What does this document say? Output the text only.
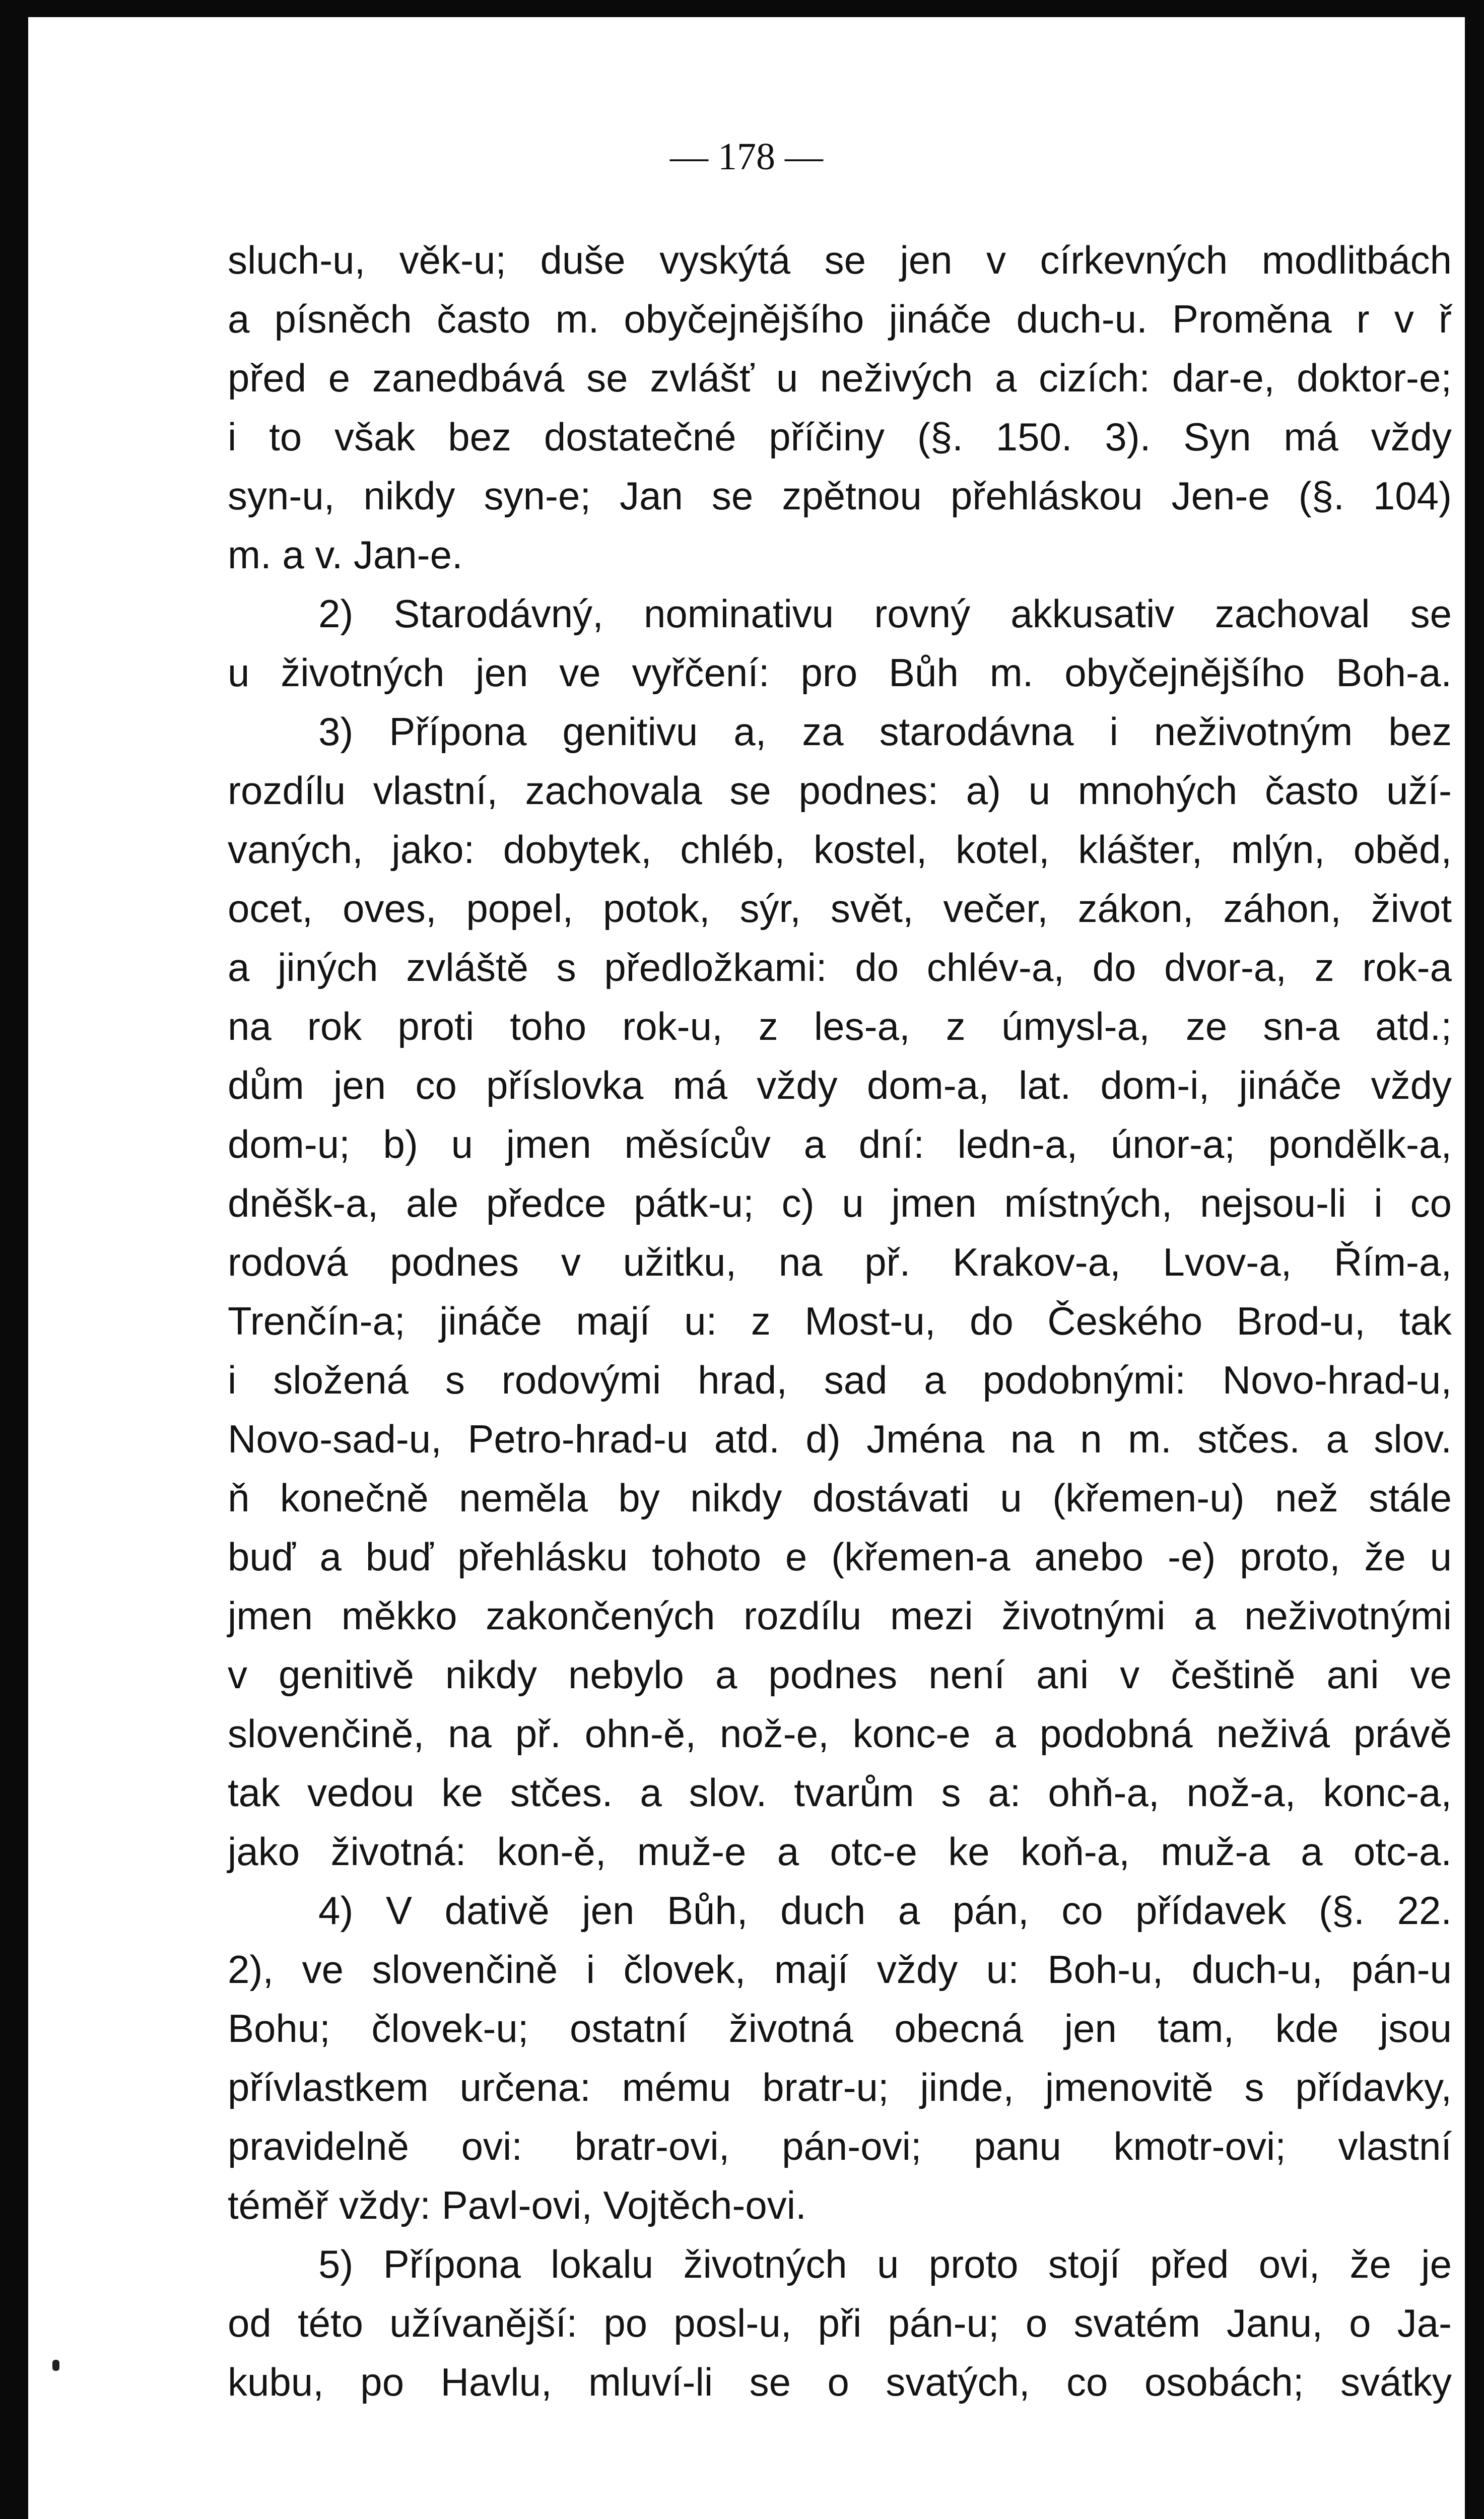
— 178 —
sluch-u, věk-u; duše vyskýtá se jen v církevných modlitbách
a písněch často m. obyčejnějšího jináče duch-u. Proměna r v ř
před e zanedbává se zvlášť u neživých a cizích: dar-e, doktor-e;
i to však bez dostatečné příčiny (§. 150. 3). Syn má vždy
syn-u, nikdy syn-e; Jan se zpětnou přehláskou Jen-e (§. 104)
m. a v. Jan-e.
2) Starodávný, nominativu rovný akkusativ zachoval se
u životných jen ve vyřčení: pro Bůh m. obyčejnějšího Boh-a.
3) Přípona genitivu a, za starodávna i neživotným bez
rozdílu vlastní, zachovala se podnes: a) u mnohých často uží-
vaných, jako: dobytek, chléb, kostel, kotel, klášter, mlýn, oběd,
ocet, oves, popel, potok, sýr, svět, večer, zákon, záhon, život
a jiných zvláště s předložkami: do chlév-a, do dvor-a, z rok-a
na rok proti toho rok-u, z les-a, z úmysl-a, ze sn-a atd.;
dům jen co příslovka má vždy dom-a, lat. dom-i, jináče vždy
dom-u; b) u jmen měsícův a dní: ledn-a, únor-a; pondělk-a,
dněšk-a, ale předce pátk-u; c) u jmen místných, nejsou-li i co
rodová podnes v užitku, na př. Krakov-a, Lvov-a, Řím-a,
Trenčín-a; jináče mají u: z Most-u, do Českého Brod-u, tak
i složená s rodovými hrad, sad a podobnými: Novo-hrad-u,
Novo-sad-u, Petro-hrad-u atd. d) Jména na n m. stčes. a slov.
ň konečně neměla by nikdy dostávati u (křemen-u) než stále
buď a buď přehlásku tohoto e (křemen-a anebo -e) proto, že u
jmen měkko zakončených rozdílu mezi životnými a neživotnými
v genitivě nikdy nebylo a podnes není ani v češtině ani ve
slovenčině, na př. ohn-ě, nož-e, konc-e a podobná neživá právě
tak vedou ke stčes. a slov. tvarům s a: ohň-a, nož-a, konc-a,
jako životná: kon-ě, muž-e a otc-e ke koň-a, muž-a a otc-a.
4) V dativě jen Bůh, duch a pán, co přídavek (§. 22.
2), ve slovenčině i človek, mají vždy u: Boh-u, duch-u, pán-u
Bohu; človek-u; ostatní životná obecná jen tam, kde jsou
přívlastkem určena: mému bratr-u; jinde, jmenovitě s přídavky,
pravidelně ovi: bratr-ovi, pán-ovi; panu kmotr-ovi; vlastní
téměř vždy: Pavl-ovi, Vojtěch-ovi.
5) Přípona lokalu životných u proto stojí před ovi, že je
od této užívanější: po posl-u, při pán-u; o svatém Janu, o Ja-
kubu, po Havlu, mluví-li se o svatých, co osobách; svátky
